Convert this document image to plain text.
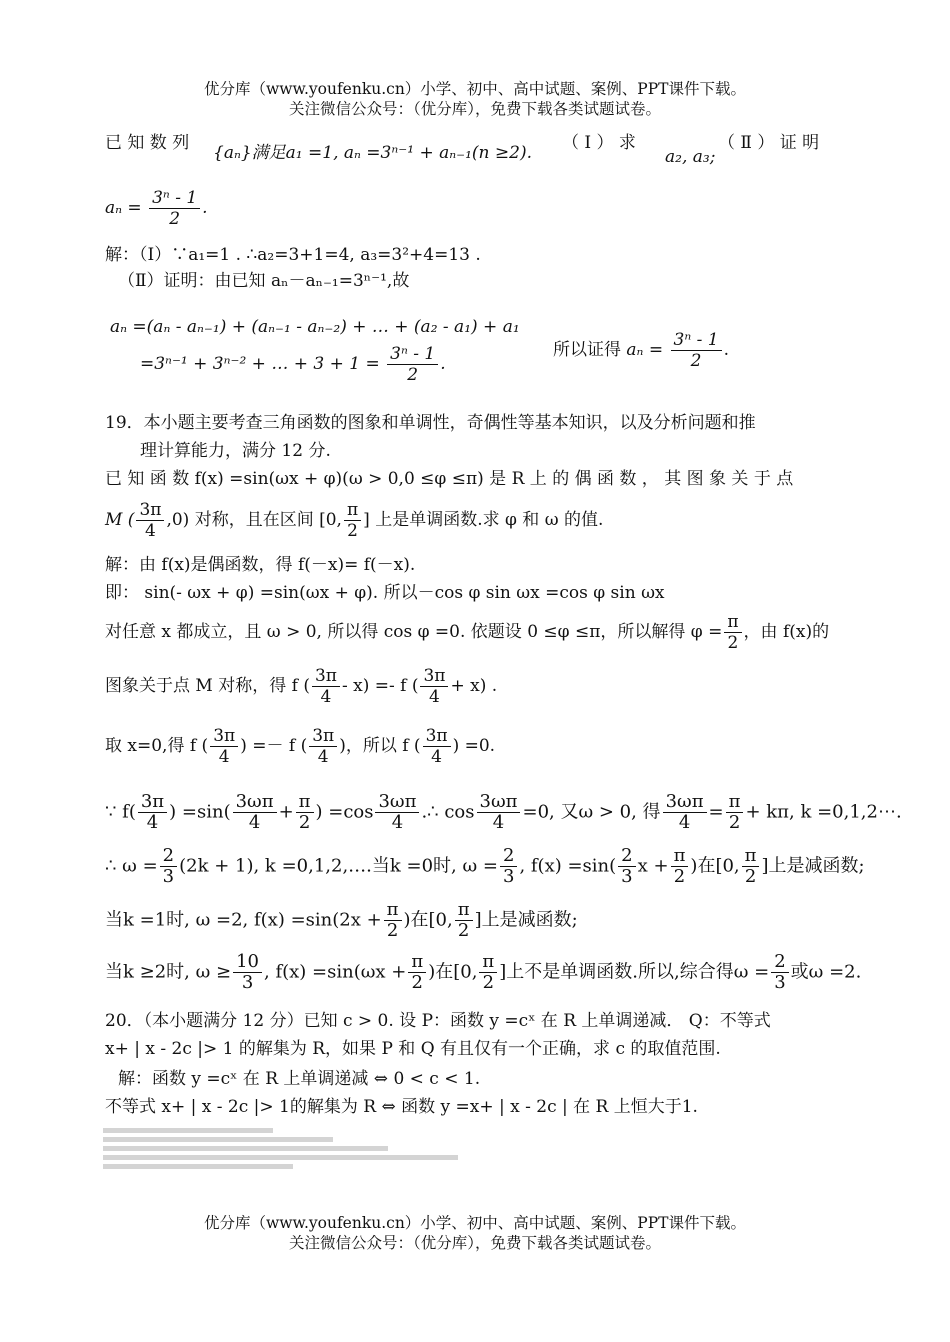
优分库（www.youfenku.cn）小学、初中、高中试题、案例、PPT课件下载。
关注微信公众号：（优分库），免费下载各类试题试卷。
已 知 数 列 {aₙ}满足a₁ =1, aₙ =3ⁿ⁻¹ + aₙ₋₁(n ≥2). （ Ⅰ ） 求
a₂, a₃;
（ Ⅱ ） 证 明
$a_n = \frac{\text{3ⁿ - 1}}{2}$ .
解：（Ⅰ）∵a₁=1 . ∴a₂=3+1=4, a₃=3²+4=13 .
（Ⅱ）证明：由已知 aₙ－aₙ₋₁=3ⁿ⁻¹,故
aₙ =(aₙ - aₙ₋₁) + (aₙ₋₁ - aₙ₋₂) + … + (a₂ - a₁) + a₁
=3ⁿ⁻¹ + 3ⁿ⁻² + … + $3 + 1 = \frac{\text{3ⁿ - 1}}{2}$ .
所以证得 $a_n = \frac{\text{3ⁿ - 1}}{2}$ .
19．本小题主要考查三角函数的图象和单调性，奇偶性等基本知识，以及分析问题和推
理计算能力，满分 12 分.
已 知 函 数 f(x) =sin(ωx + φ)(ω > 0,0 ≤φ ≤π) 是 R 上 的 偶 函 数 ， 其 图 象 关 于 点
M ( $\frac{3\pi}{4} ,0$) 对称，且在区间 [0, $\frac{\pi}{2}$ ] 上是单调函数.求 φ 和 ω 的值.
解：由 f(x)是偶函数，得 f(－x)= f(－x).
即： sin(- ωx + φ) =sin(ωx + φ). 所以－cos φ sin ωx =cos φ sin ωx
对任意 x 都成立，且 ω > 0, 所以得 cos φ =0. 依题设 0 ≤φ ≤π，所以解得 $\varphi = \frac{\pi}{2}$ ，由 f(x)的
图象关于点 M 对称，得 f ( $\frac{3\pi}{4} - x) =- f$ ( $\frac{3\pi}{4} + x$) .
取 x=0,得 f ( $\frac{3\pi}{4}$ ) =－ f ( $\frac{3\pi}{4}$ )，所以 f ( $\frac{3\pi}{4}$ ) =0.
∵ $f( \frac{3\pi}{4}$ ) $=\sin( \frac{3\omega\pi}{4} + \frac{\pi}{2}$ ) $=\cos \frac{3\omega\pi}{4}$ .∴ $\cos \frac{3\omega\pi}{4} =0$, 又ω > 0, 得 $\frac{3\omega\pi}{4} = \frac{\pi}{2} + k\pi$, k =0,1,2⋯.
∴ $\omega = \frac{2}{3} (2k + 1)$, k =0,1,2,….当k =0时, $\omega = \frac{2}{3}$ , $f(x) =\sin( \frac{2}{3}$ $x + \frac{\pi}{2}$ )在[0, $\frac{\pi}{2}$ ]上是减函数;
当k =1时, ω =2, $f(x) =\sin(2x + \frac{\pi}{2}$ )在[0, $\frac{\pi}{2}$ ]上是减函数;
当k ≥2时, $\omega \ge \frac{10}{3}$ , $f(x) =\sin(\omega x + \frac{\pi}{2}$ )在[0, $\frac{\pi}{2}$ ]上不是单调函数.所以,综合得$\omega = \frac{2}{3}$ 或ω =2.
20．（本小题满分 12 分）已知 c > 0. 设 P：函数 y =cˣ 在 R 上单调递减． Q：不等式
x+ | x - 2c |> 1 的解集为 R，如果 P 和 Q 有且仅有一个正确，求 c 的取值范围.
解：函数 y =cˣ 在 R 上单调递减 ⇔ 0 < c < 1.
不等式 x+ | x - 2c |> 1的解集为 R ⇔ 函数 y =x+ | x - 2c | 在 R 上恒大于1.
优分库（www.youfenku.cn）小学、初中、高中试题、案例、PPT课件下载。
关注微信公众号：（优分库），免费下载各类试题试卷。
